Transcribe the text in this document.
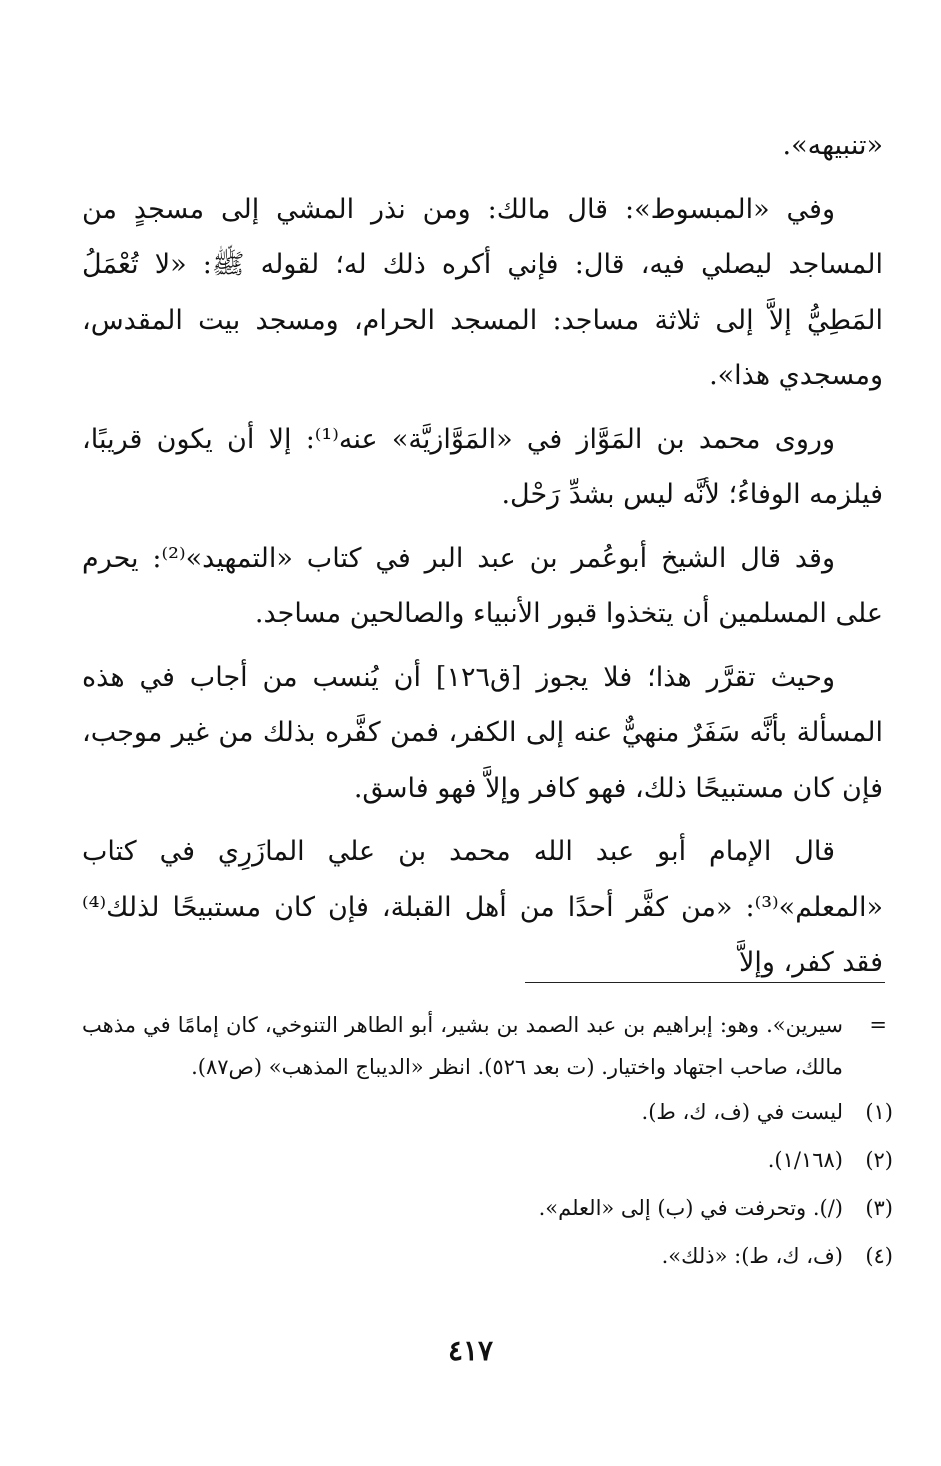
«تنبيهه».

وفي «المبسوط»: قال مالك: ومن نذر المشي إلى مسجدٍ من المساجد ليصلي فيه، قال: فإني أكره ذلك له؛ لقوله ﷺ: «لا تُعْمَلُ المَطِيُّ إلاَّ إلى ثلاثة مساجد: المسجد الحرام، ومسجد بيت المقدس، ومسجدي هذا».

وروى محمد بن المَوَّاز في «المَوَّازيَّة» عنه⁽¹⁾: إلا أن يكون قريبًا، فيلزمه الوفاءُ؛ لأنَّه ليس بشدِّ رَحْل.

وقد قال الشيخ أبوعُمر بن عبد البر في كتاب «التمهيد»⁽²⁾: يحرم على المسلمين أن يتخذوا قبور الأنبياء والصالحين مساجد.

وحيث تقرَّر هذا؛ فلا يجوز [ق١٢٦] أن يُنسب من أجاب في هذه المسألة بأنَّه سَفَرٌ منهيٌّ عنه إلى الكفر، فمن كفَّره بذلك من غير موجب، فإن كان مستبيحًا ذلك، فهو كافر وإلاَّ فهو فاسق.

قال الإمام أبو عبد الله محمد بن علي المازَرِي في كتاب «المعلم»⁽³⁾: «من كفَّر أحدًا من أهل القبلة، فإن كان مستبيحًا لذلك⁽⁴⁾ فقد كفر، وإلاَّ

=
سيرين». وهو: إبراهيم بن عبد الصمد بن بشير، أبو الطاهر التنوخي، كان إمامًا في مذهب مالك، صاحب اجتهاد واختيار. (ت بعد ٥٢٦). انظر «الديباج المذهب» (ص٨٧).
(١)
ليست في (ف، ك، ط).
(٢)
(١/١٦٨).
(٣)
(/). وتحرفت في (ب) إلى «العلم».
(٤)
(ف، ك، ط): «ذلك».
٤١٧
